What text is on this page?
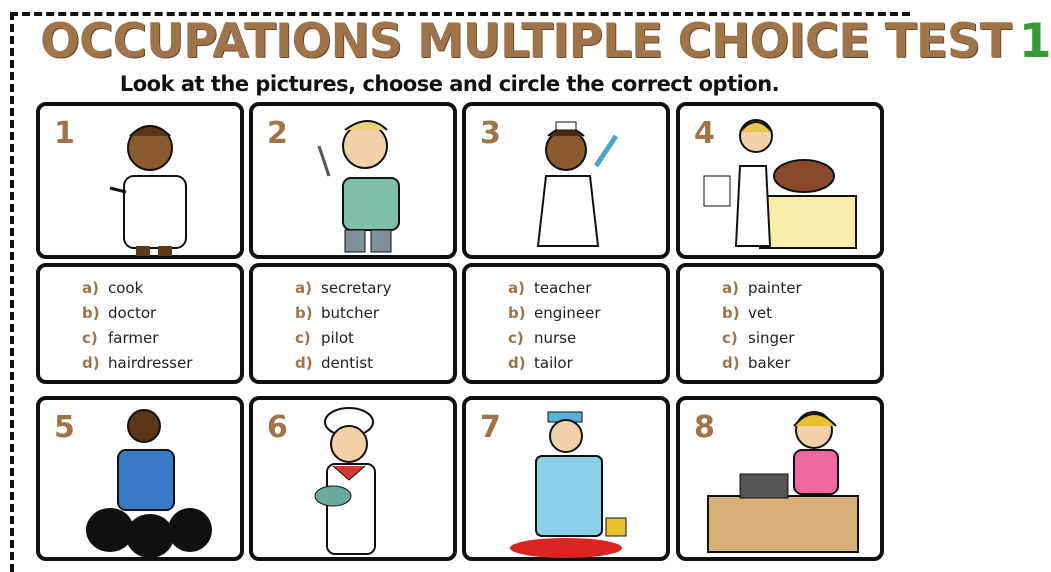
OCCUPATIONS MULTIPLE CHOICE TEST 1
Look at the pictures, choose and circle the correct option.
1	2	3	4
a) cook
b) doctor
c) farmer
d) hairdresser
a) secretary
b) butcher
c) pilot
d) dentist
a) teacher
b) engineer
c) nurse
d) tailor
a) painter
b) vet
c) singer
d) baker
5	6	7	8
